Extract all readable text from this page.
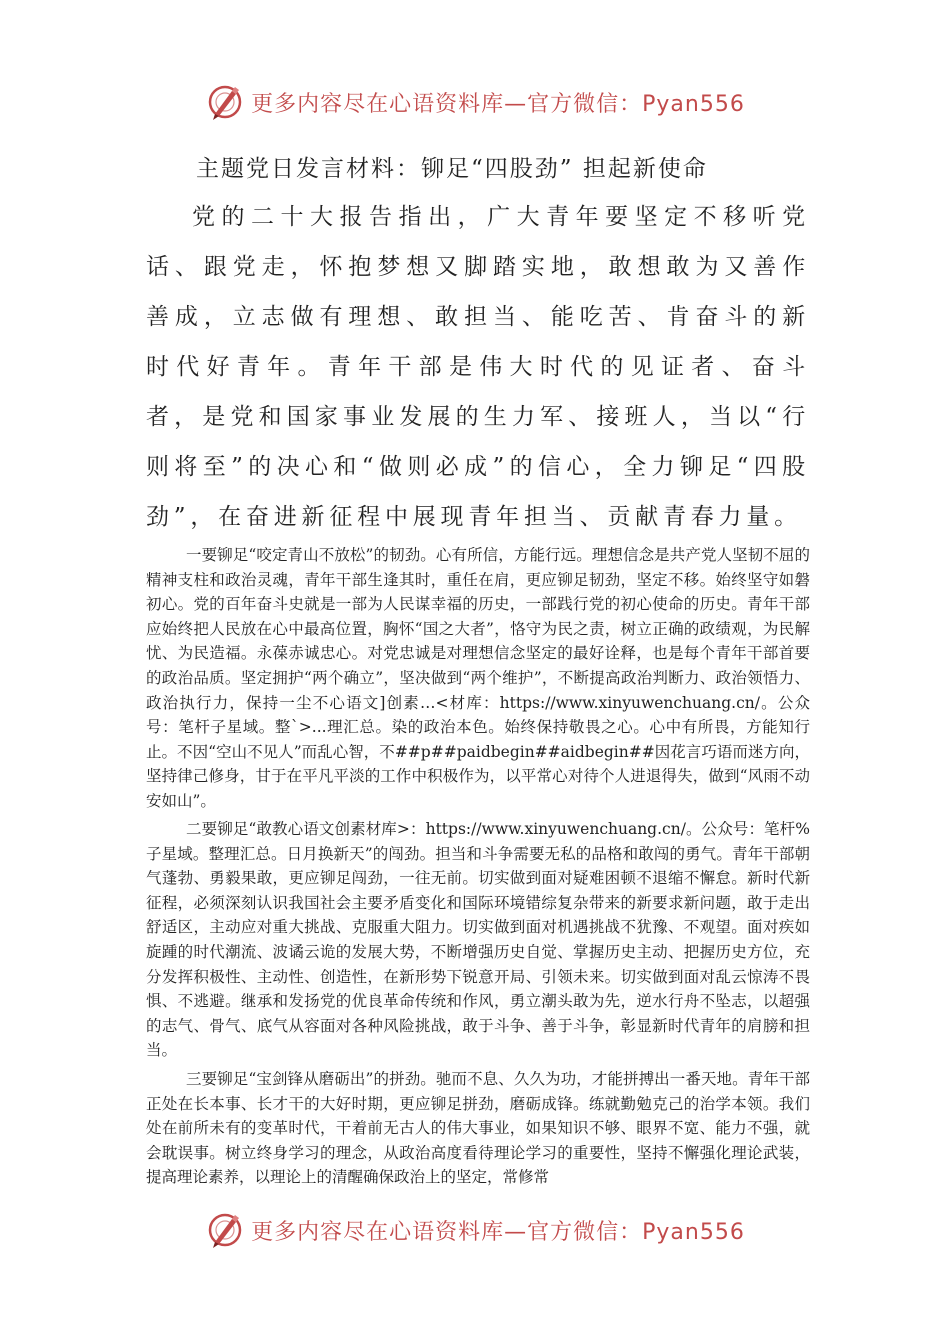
更多内容尽在心语资料库—官方微信：Pyan556
主题党日发言材料：铆足“四股劲” 担起新使命

党的二十大报告指出，广大青年要坚定不移听党话、跟党走，怀抱梦想又脚踏实地，敢想敢为又善作善成，立志做有理想、敢担当、能吃苦、肯奋斗的新时代好青年。青年干部是伟大时代的见证者、奋斗者，是党和国家事业发展的生力军、接班人，当以“行则将至”的决心和“做则必成”的信心，全力铆足“四股劲”，在奋进新征程中展现青年担当、贡献青春力量。

一要铆足“咬定青山不放松”的韧劲。心有所信，方能行远。理想信念是共产党人坚韧不屈的精神支柱和政治灵魂，青年干部生逢其时，重任在肩，更应铆足韧劲，坚定不移。始终坚守如磐初心。党的百年奋斗史就是一部为人民谋幸福的历史，一部践行党的初心使命的历史。青年干部应始终把人民放在心中最高位置，胸怀“国之大者”，恪守为民之责，树立正确的政绩观，为民解忧、为民造福。永葆赤诚忠心。对党忠诚是对理想信念坚定的最好诠释，也是每个青年干部首要的政治品质。坚定拥护“两个确立”，坚决做到“两个维护”，不断提高政治判断力、政治领悟力、政治执行力，保持一尘不心语文]创素…<材库：https://www.xinyuwenchuang.cn/。公众号：笔杆子星域。整`>...理汇总。染的政治本色。始终保持敬畏之心。心中有所畏，方能知行止。不因“空山不见人”而乱心智，不##p##paidbegin##aidbegin##因花言巧语而迷方向，坚持律己修身，甘于在平凡平淡的工作中积极作为，以平常心对待个人进退得失，做到“风雨不动安如山”。

二要铆足“敢教心语文创素材库>：https://www.xinyuwenchuang.cn/。公众号：笔杆%子星域。整理汇总。日月换新天”的闯劲。担当和斗争需要无私的品格和敢闯的勇气。青年干部朝气蓬勃、勇毅果敢，更应铆足闯劲，一往无前。切实做到面对疑难困顿不退缩不懈怠。新时代新征程，必须深刻认识我国社会主要矛盾变化和国际环境错综复杂带来的新要求新问题，敢于走出舒适区，主动应对重大挑战、克服重大阻力。切实做到面对机遇挑战不犹豫、不观望。面对疾如旋踵的时代潮流、波谲云诡的发展大势，不断增强历史自觉、掌握历史主动、把握历史方位，充分发挥积极性、主动性、创造性，在新形势下锐意开局、引领未来。切实做到面对乱云惊涛不畏惧、不逃避。继承和发扬党的优良革命传统和作风，勇立潮头敢为先，逆水行舟不坠志，以超强的志气、骨气、底气从容面对各种风险挑战，敢于斗争、善于斗争，彰显新时代青年的肩膀和担当。

三要铆足“宝剑锋从磨砺出”的拼劲。驰而不息、久久为功，才能拼搏出一番天地。青年干部正处在长本事、长才干的大好时期，更应铆足拼劲，磨砺成锋。练就勤勉克己的治学本领。我们处在前所未有的变革时代，干着前无古人的伟大事业，如果知识不够、眼界不宽、能力不强，就会耽误事。树立终身学习的理念，从政治高度看待理论学习的重要性，坚持不懈强化理论武装，提高理论素养，以理论上的清醒确保政治上的坚定，常修常

更多内容尽在心语资料库—官方微信：Pyan556
